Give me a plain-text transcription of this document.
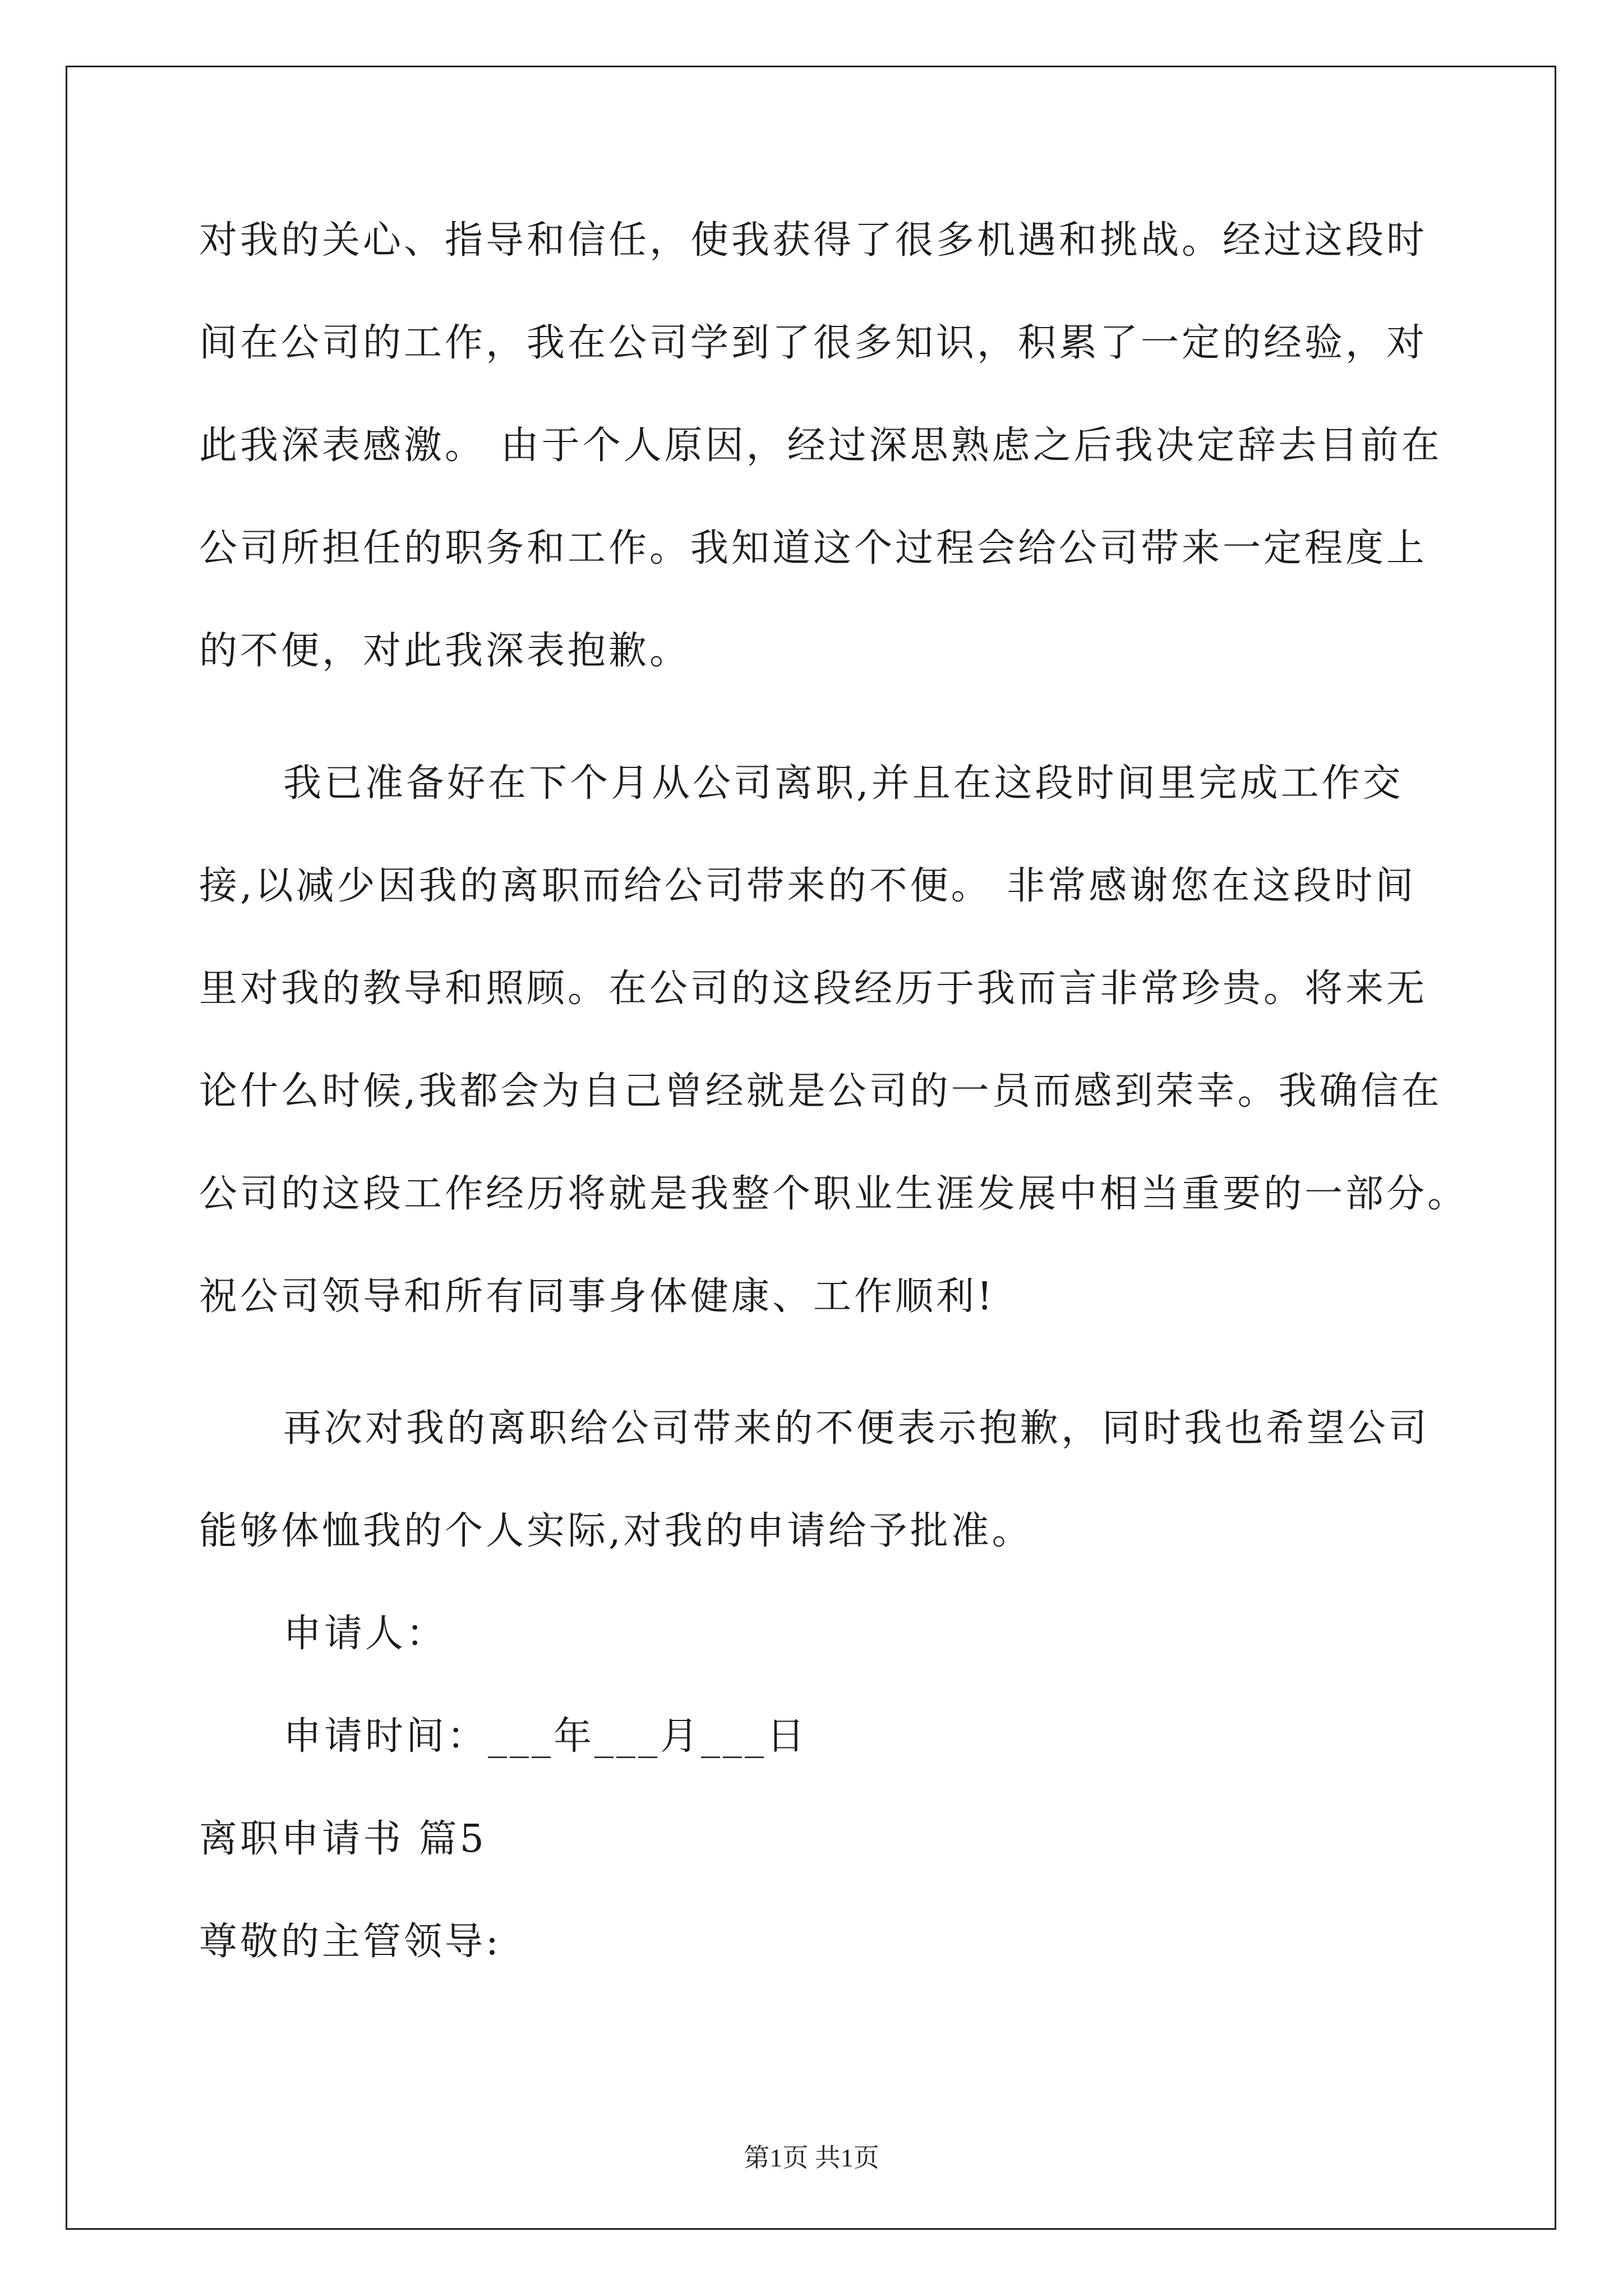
对我的关心、指导和信任，使我获得了很多机遇和挑战。经过这段时
间在公司的工作，我在公司学到了很多知识，积累了一定的经验，对
此我深表感激。 由于个人原因，经过深思熟虑之后我决定辞去目前在
公司所担任的职务和工作。我知道这个过程会给公司带来一定程度上
的不便，对此我深表抱歉。
我已准备好在下个月从公司离职,并且在这段时间里完成工作交
接,以减少因我的离职而给公司带来的不便。 非常感谢您在这段时间
里对我的教导和照顾。在公司的这段经历于我而言非常珍贵。将来无
论什么时候,我都会为自己曾经就是公司的一员而感到荣幸。我确信在
公司的这段工作经历将就是我整个职业生涯发展中相当重要的一部分。
祝公司领导和所有同事身体健康、工作顺利!
再次对我的离职给公司带来的不便表示抱歉，同时我也希望公司
能够体恤我的个人实际,对我的申请给予批准。
申请人：
申请时间：___年___月___日
离职申请书 篇5
尊敬的主管领导:
第1页 共1页
